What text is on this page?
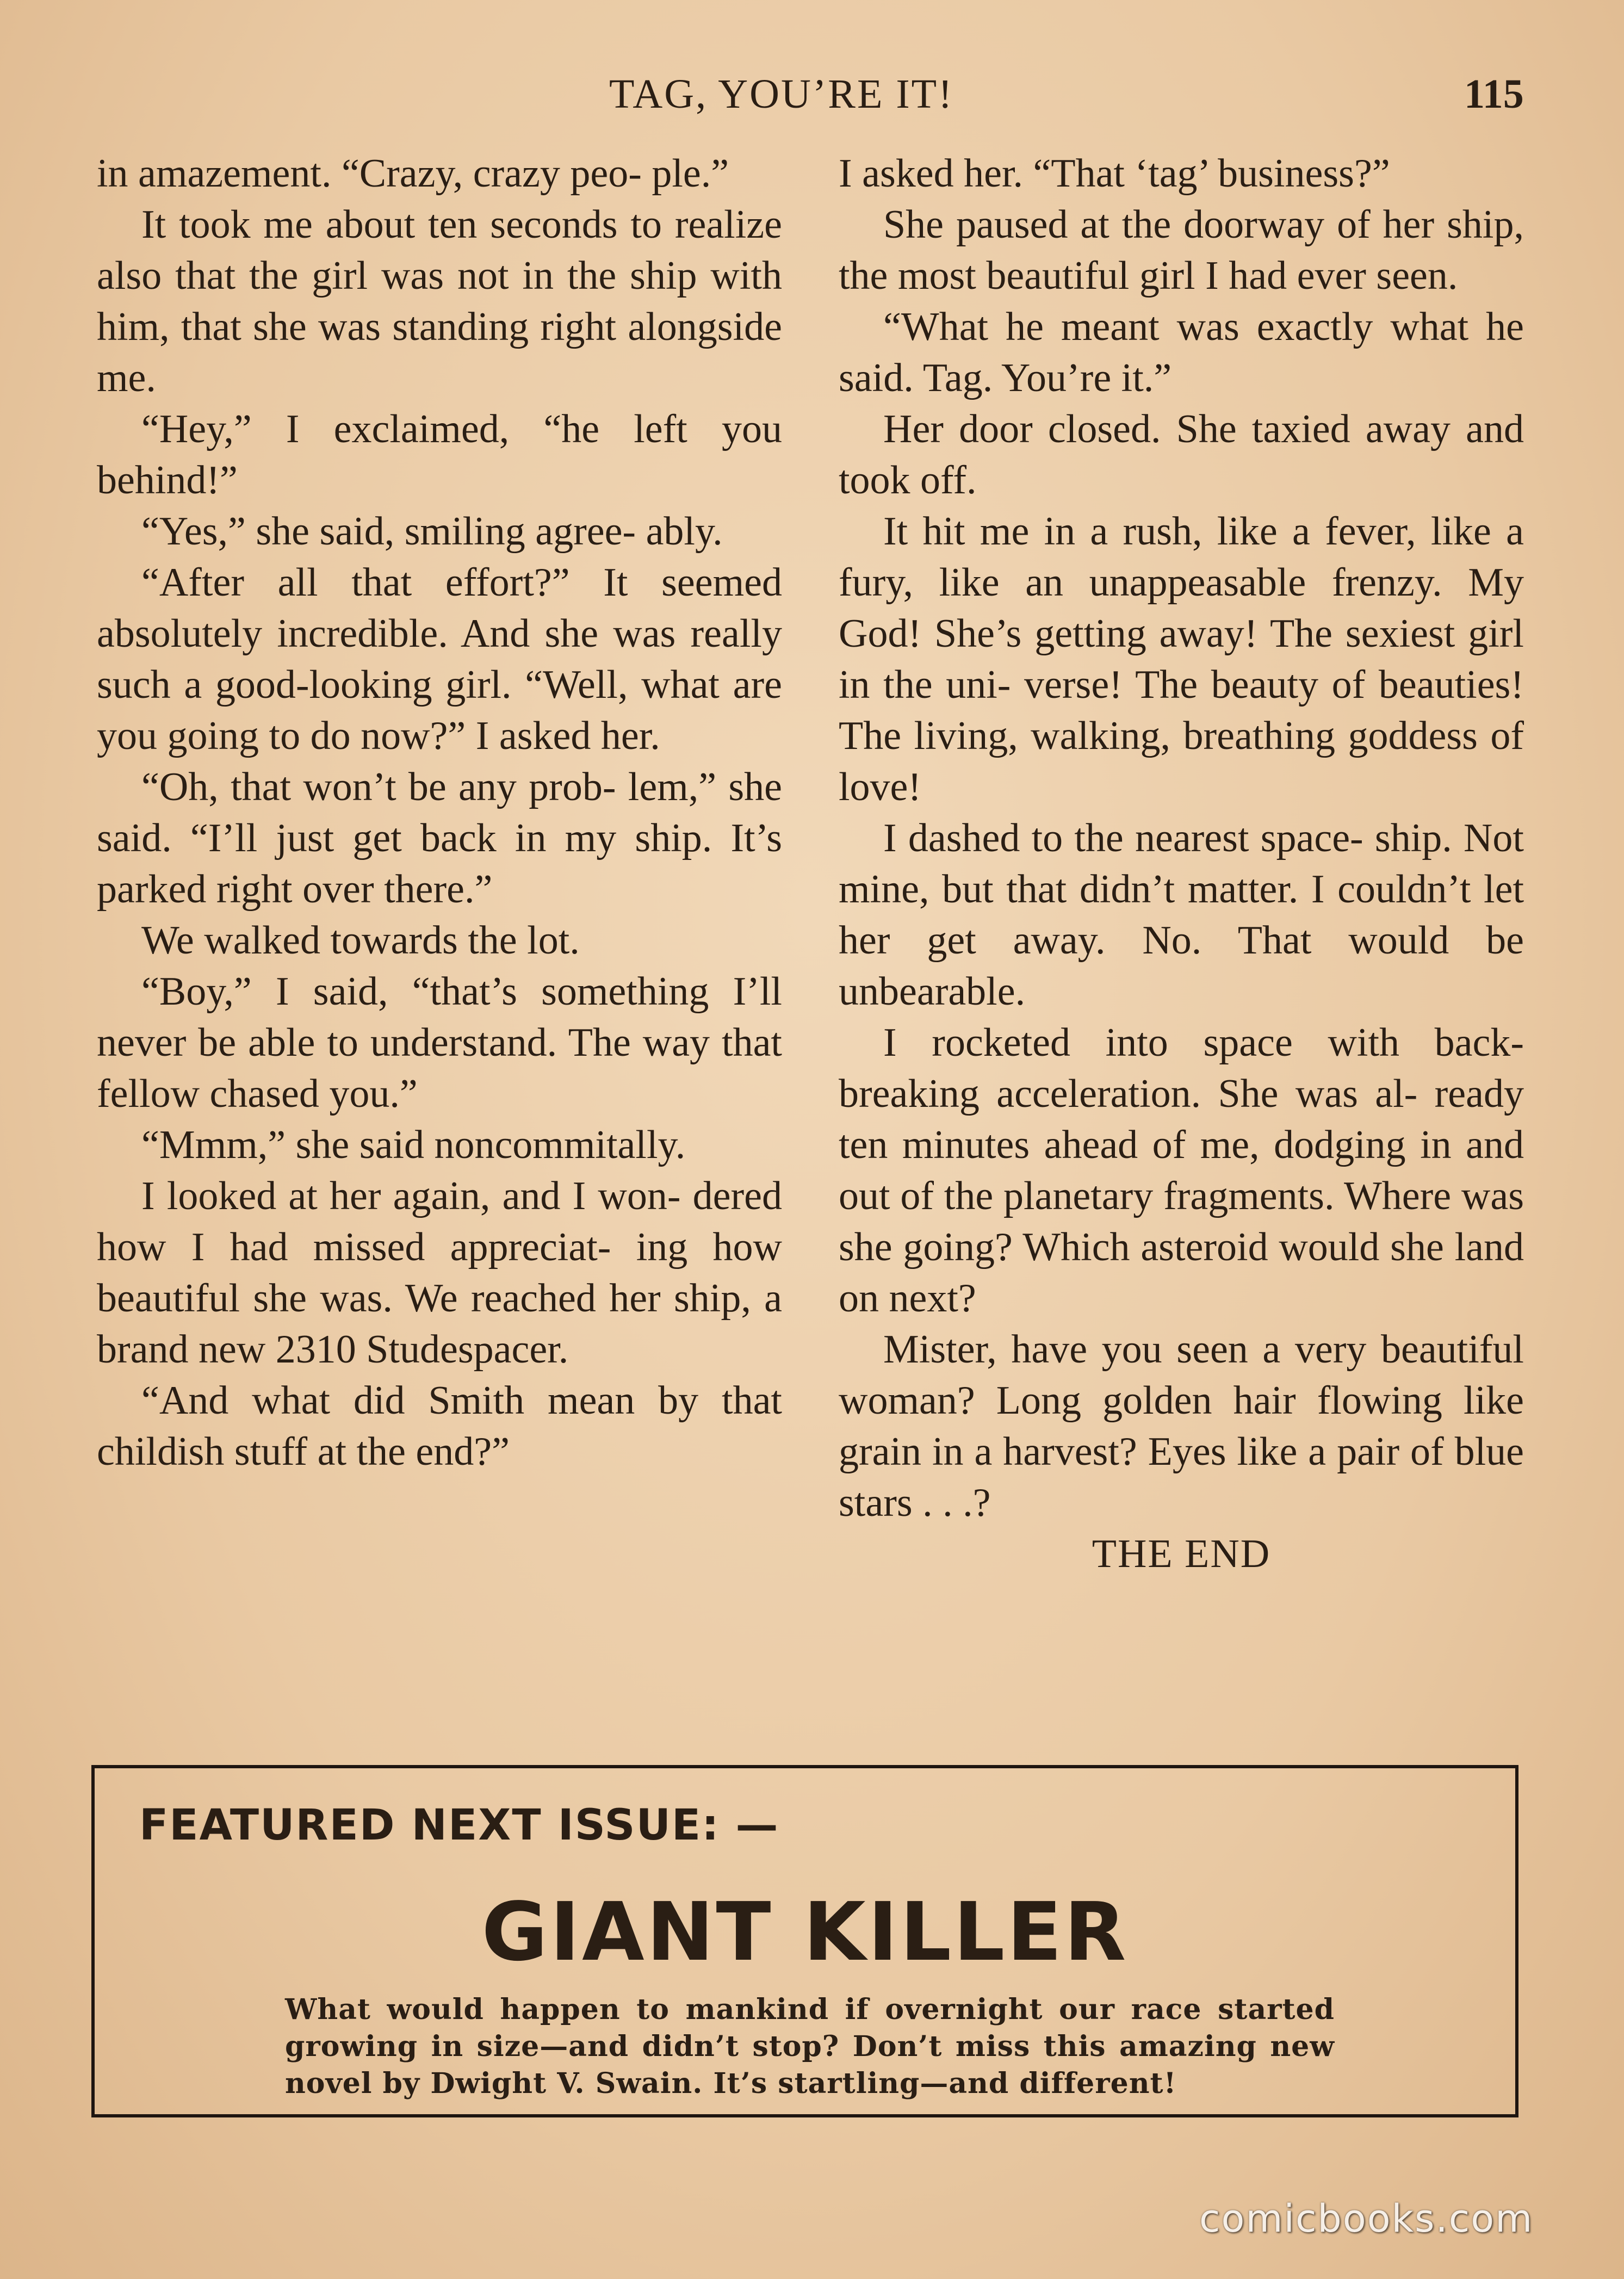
TAG, YOU’RE IT!	115

in amazement. “Crazy, crazy peo- ple.”

It took me about ten seconds to realize also that the girl was not in the ship with him, that she was standing right alongside me.

“Hey,” I exclaimed, “he left you behind!”

“Yes,” she said, smiling agree- ably.

“After all that effort?” It seemed absolutely incredible. And she was really such a good-looking girl. “Well, what are you going to do now?” I asked her.

“Oh, that won’t be any prob- lem,” she said. “I’ll just get back in my ship. It’s parked right over there.”

We walked towards the lot.

“Boy,” I said, “that’s something I’ll never be able to understand. The way that fellow chased you.”

“Mmm,” she said noncommitally.

I looked at her again, and I won- dered how I had missed appreciat- ing how beautiful she was. We reached her ship, a brand new 2310 Studespacer.

“And what did Smith mean by that childish stuff at the end?”

I asked her. “That ‘tag’ business?”

She paused at the doorway of her ship, the most beautiful girl I had ever seen.

“What he meant was exactly what he said. Tag. You’re it.”

Her door closed. She taxied away and took off.

It hit me in a rush, like a fever, like a fury, like an unappeasable frenzy. My God! She’s getting away! The sexiest girl in the uni- verse! The beauty of beauties! The living, walking, breathing goddess of love!

I dashed to the nearest space- ship. Not mine, but that didn’t matter. I couldn’t let her get away. No. That would be unbearable.

I rocketed into space with back- breaking acceleration. She was al- ready ten minutes ahead of me, dodging in and out of the planetary fragments. Where was she going? Which asteroid would she land on next?

Mister, have you seen a very beautiful woman? Long golden hair flowing like grain in a harvest? Eyes like a pair of blue stars . . .?

THE END

FEATURED NEXT ISSUE: —
GIANT KILLER
What would happen to mankind if overnight our race started growing in size—and didn’t stop? Don’t miss this amazing new novel by Dwight V. Swain. It’s startling—and different!
comicbooks.com
